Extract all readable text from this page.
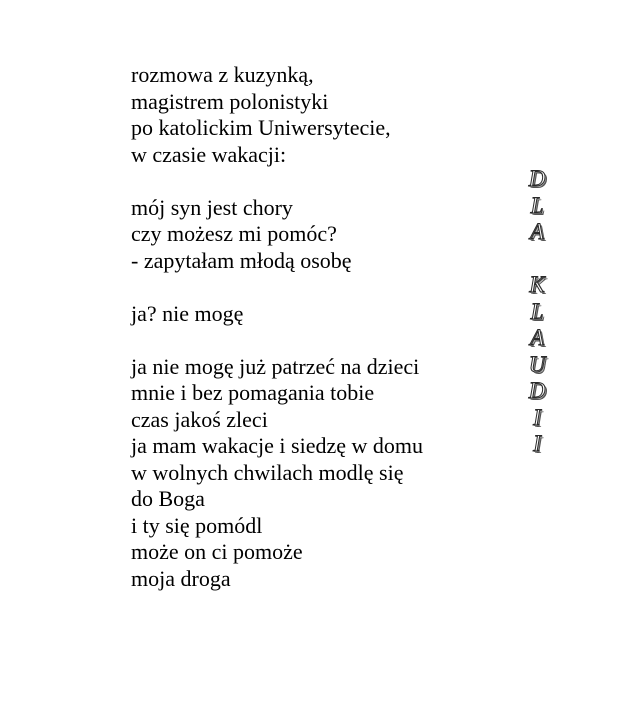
rozmowa z kuzynką,
magistrem polonistyki
po katolickim Uniwersytecie,
w czasie wakacji:
mój syn jest chory
czy możesz mi pomóc?
- zapytałam młodą osobę
ja? nie mogę
ja nie mogę już patrzeć na dzieci
mnie i bez pomagania tobie
czas jakoś zleci
ja mam wakacje i siedzę w domu
w wolnych chwilach modlę się
do Boga
i ty się pomódl
może on ci pomoże
moja droga
D
L
A
K
L
A
U
D
I
I
